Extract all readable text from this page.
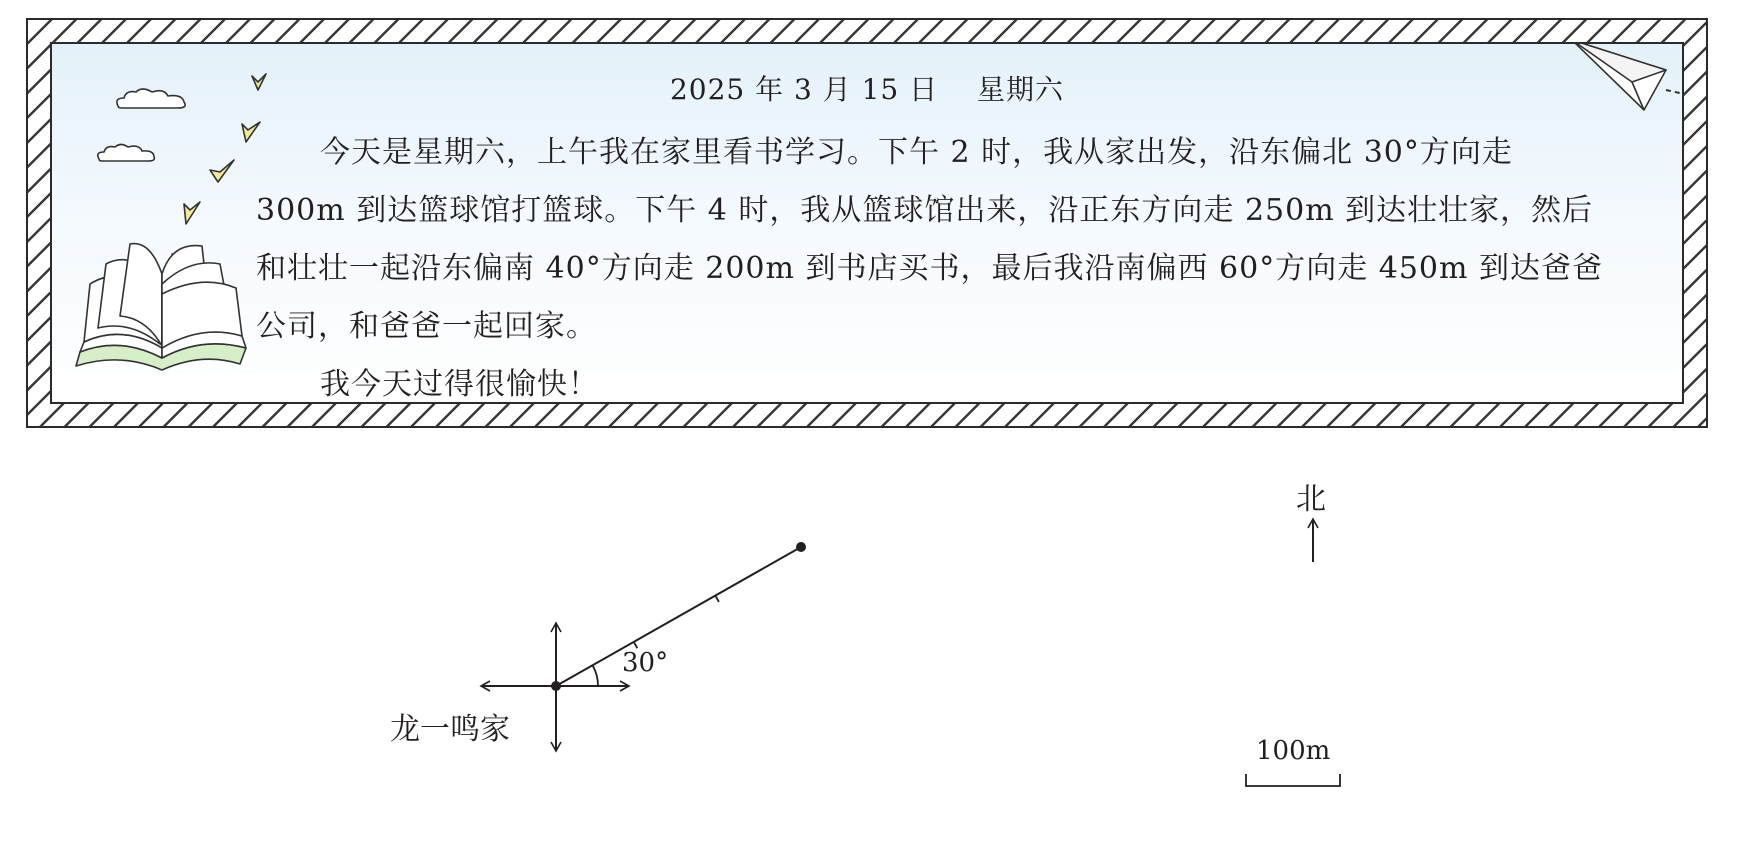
2025 年 3 月 15 日　 星期六

今天是星期六，上午我在家里看书学习。下午 2 时，我从家出发，沿东偏北 30°方向走

300m 到达篮球馆打篮球。下午 4 时，我从篮球馆出来，沿正东方向走 250m 到达壮壮家，然后

和壮壮一起沿东偏南 40°方向走 200m 到书店买书，最后我沿南偏西 60°方向走 450m 到达爸爸

公司，和爸爸一起回家。

我今天过得很愉快！

30°
龙一鸣家
北
100m
